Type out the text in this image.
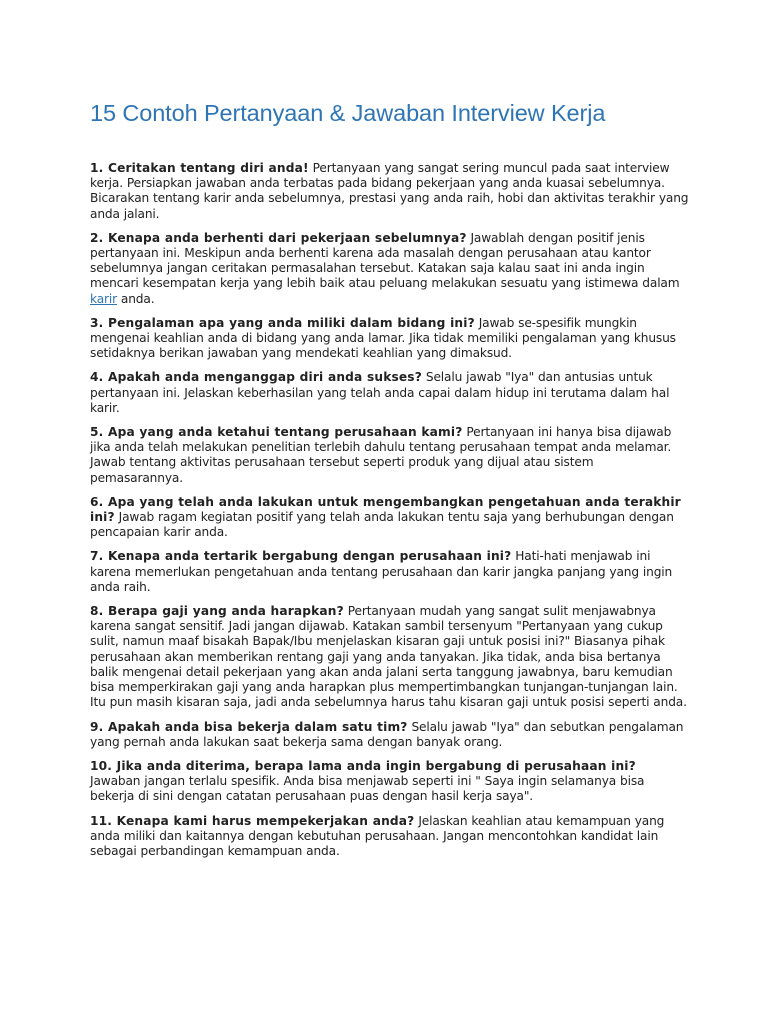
15 Contoh Pertanyaan & Jawaban Interview Kerja

1. Ceritakan tentang diri anda! Pertanyaan yang sangat sering muncul pada saat interview kerja. Persiapkan jawaban anda terbatas pada bidang pekerjaan yang anda kuasai sebelumnya. Bicarakan tentang karir anda sebelumnya, prestasi yang anda raih, hobi dan aktivitas terakhir yang anda jalani.

2. Kenapa anda berhenti dari pekerjaan sebelumnya? Jawablah dengan positif jenis pertanyaan ini. Meskipun anda berhenti karena ada masalah dengan perusahaan atau kantor sebelumnya jangan ceritakan permasalahan tersebut. Katakan saja kalau saat ini anda ingin mencari kesempatan kerja yang lebih baik atau peluang melakukan sesuatu yang istimewa dalam karir anda.

3. Pengalaman apa yang anda miliki dalam bidang ini? Jawab se-spesifik mungkin mengenai keahlian anda di bidang yang anda lamar. Jika tidak memiliki pengalaman yang khusus setidaknya berikan jawaban yang mendekati keahlian yang dimaksud.

4. Apakah anda menganggap diri anda sukses? Selalu jawab "Iya" dan antusias untuk pertanyaan ini. Jelaskan keberhasilan yang telah anda capai dalam hidup ini terutama dalam hal karir.

5. Apa yang anda ketahui tentang perusahaan kami? Pertanyaan ini hanya bisa dijawab jika anda telah melakukan penelitian terlebih dahulu tentang perusahaan tempat anda melamar. Jawab tentang aktivitas perusahaan tersebut seperti produk yang dijual atau sistem pemasarannya.

6. Apa yang telah anda lakukan untuk mengembangkan pengetahuan anda terakhir ini? Jawab ragam kegiatan positif yang telah anda lakukan tentu saja yang berhubungan dengan pencapaian karir anda.

7. Kenapa anda tertarik bergabung dengan perusahaan ini? Hati-hati menjawab ini karena memerlukan pengetahuan anda tentang perusahaan dan karir jangka panjang yang ingin anda raih.

8. Berapa gaji yang anda harapkan? Pertanyaan mudah yang sangat sulit menjawabnya karena sangat sensitif. Jadi jangan dijawab. Katakan sambil tersenyum "Pertanyaan yang cukup sulit, namun maaf bisakah Bapak/Ibu menjelaskan kisaran gaji untuk posisi ini?" Biasanya pihak perusahaan akan memberikan rentang gaji yang anda tanyakan. Jika tidak, anda bisa bertanya balik mengenai detail pekerjaan yang akan anda jalani serta tanggung jawabnya, baru kemudian bisa memperkirakan gaji yang anda harapkan plus mempertimbangkan tunjangan-tunjangan lain. Itu pun masih kisaran saja, jadi anda sebelumnya harus tahu kisaran gaji untuk posisi seperti anda.

9. Apakah anda bisa bekerja dalam satu tim? Selalu jawab "Iya" dan sebutkan pengalaman yang pernah anda lakukan saat bekerja sama dengan banyak orang.

10. Jika anda diterima, berapa lama anda ingin bergabung di perusahaan ini? Jawaban jangan terlalu spesifik. Anda bisa menjawab seperti ini " Saya ingin selamanya bisa bekerja di sini dengan catatan perusahaan puas dengan hasil kerja saya".

11. Kenapa kami harus mempekerjakan anda? Jelaskan keahlian atau kemampuan yang anda miliki dan kaitannya dengan kebutuhan perusahaan. Jangan mencontohkan kandidat lain sebagai perbandingan kemampuan anda.
